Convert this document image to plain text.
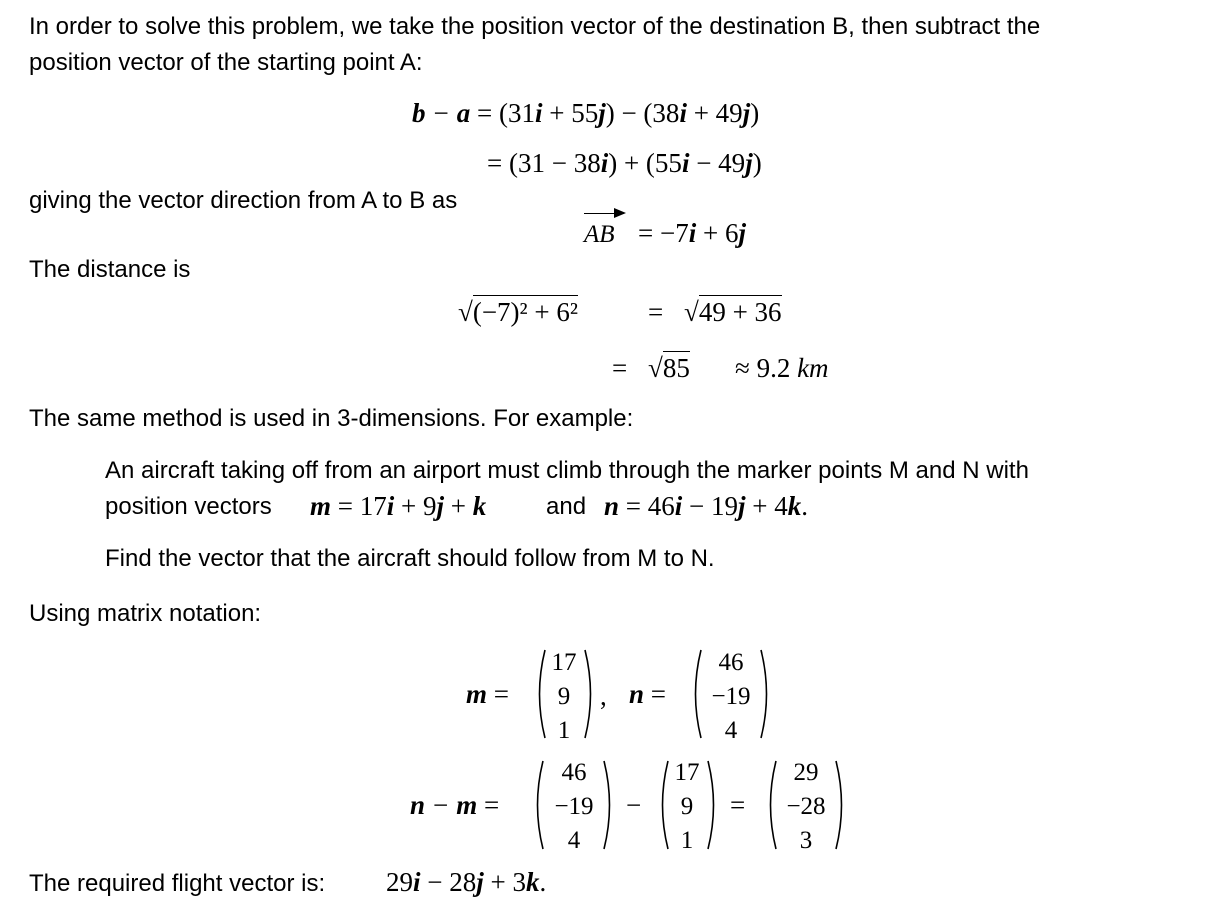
In order to solve this problem, we take the position vector of the destination B, then subtract the
position vector of the starting point A:
b − a = (31i + 55j) − (38i + 49j)
= (31 − 38i) + (55i − 49j)
giving the vector direction from A to B as
AB = −7i + 6j
The distance is
√
(−7)² + 6²	= √
49 + 36
= √
85 ≈ 9.2 km
The same method is used in 3-dimensions. For example:
An aircraft taking off from an airport must climb through the marker points M and N with
position vectors m = 17i + 9j + k and n = 46i − 19j + 4k.
Find the vector that the aircraft should follow from M to N.
Using matrix notation:
m =
17
9
1
, n =
46
−19
4
n − m =
46
−19
4
−
17
9
1
=
29
−28
3
The required flight vector is: 29i − 28j + 3k.
